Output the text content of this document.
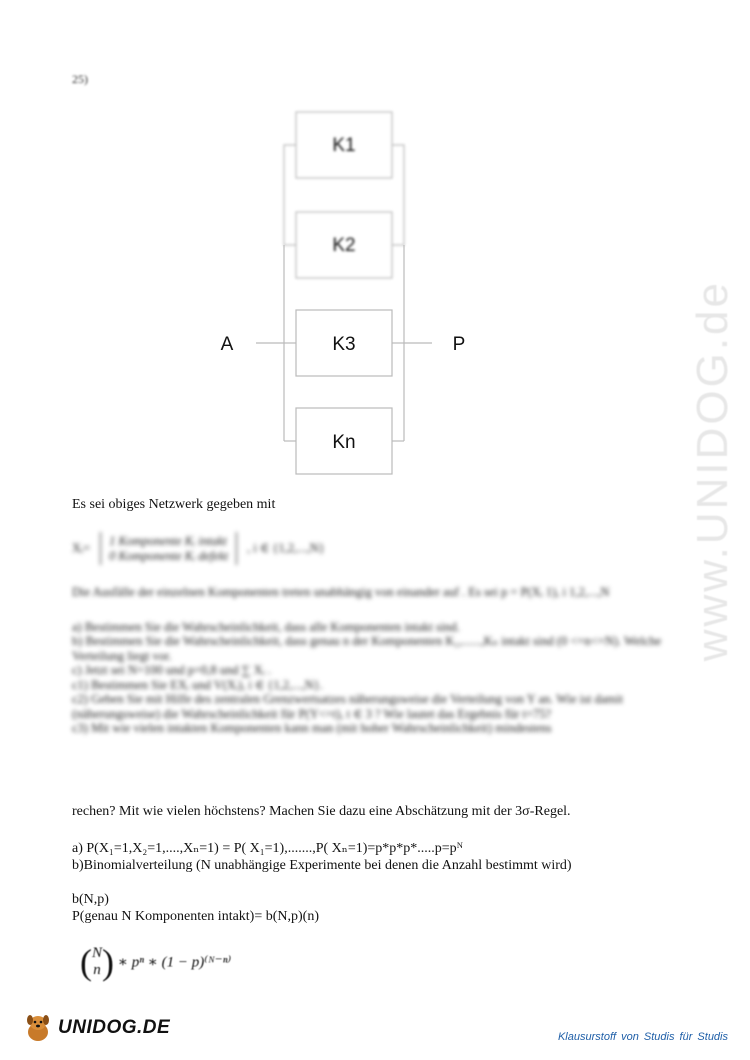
25)
K1
K2
K3
Kn
A	P
Es sei obiges Netzwerk gegeben mit
Xᵢ=
1 Komponente Kᵢ intakt
0 Komponente Kᵢ defekt
, i ∈ {1,2,...,N}

Die Ausfälle der einzelnen Komponenten treten unabhängig von einander auf . Es sei p = P(Xᵢ 1), i 1,2,...,N

a) Bestimmen Sie die Wahrscheinlichkeit, dass alle Komponenten intakt sind.

b) Bestimmen Sie die Wahrscheinlichkeit, dass genau n der Komponenten K₁,......,Kₙ intakt sind (0 <=n<=N). Welche Verteilung liegt vor.

c) Jetzt sei N=100 und p=0,8 und ∑ Xᵢ .

c1) Bestimmen Sie EXᵢ und V(Xᵢ), i ∈ {1,2,...,N}.

c2) Geben Sie mit Hilfe des zentralen Grenzwertsatzes näherungsweise die Verteilung von Y an. Wie ist damit (näherungsweise) die Wahrscheinlichkeit für P(Y<=t), t ∈ 3 ? Wie lautet das Ergebnis für t=75?

c3) Mit wie vielen intakten Komponenten kann man (mit hoher Wahrscheinlichkeit) mindestens

rechen? Mit wie vielen höchstens? Machen Sie dazu eine Abschätzung mit der 3σ-Regel.
a) P(X₁=1,X₂=1,....,Xₙ=1) = P( X₁=1),.......,P( Xₙ=1)=p*p*p*.....p=pᴺ
b)Binomialverteilung (N unabhängige Experimente bei denen die Anzahl bestimmt wird)
b(N,p)
P(genau N Komponenten intakt)= b(N,p)(n)
( N
n ) ∗ pⁿ ∗ (1 − p)⁽ᴺ⁻ⁿ⁾
www.UNIDOG.de
UNIDOG.DE	Klausurstoff von Studis für Studis
